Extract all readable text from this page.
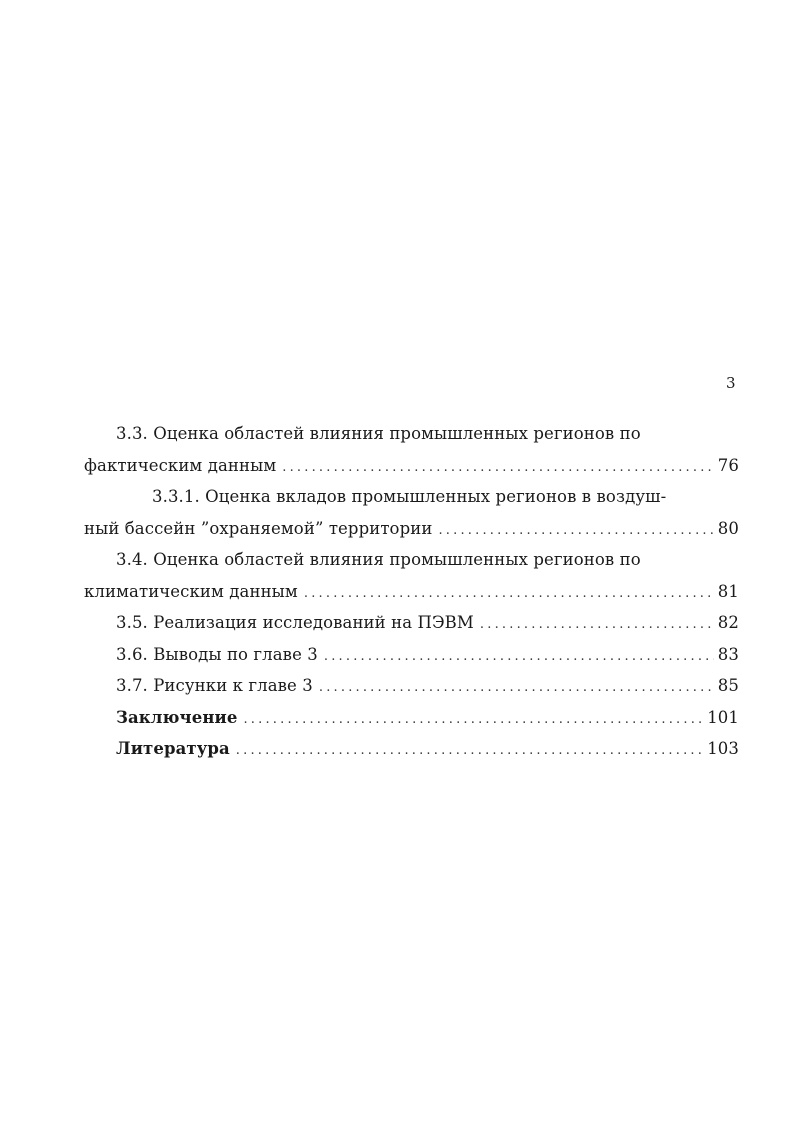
3
3.3. Оценка областей влияния промышленных регионов по
фактическим данным .....	76
3.3.1. Оценка вкладов промышленных регионов в воздуш-
ный бассейн ”охраняемой” территории .....	80
3.4. Оценка областей влияния промышленных регионов по
климатическим данным .....	81
3.5. Реализация исследований на ПЭВМ .....	82
3.6. Выводы по главе 3 .....	83
3.7. Рисунки к главе 3 .....	85
Заключение .....	101
Литература .....	103
